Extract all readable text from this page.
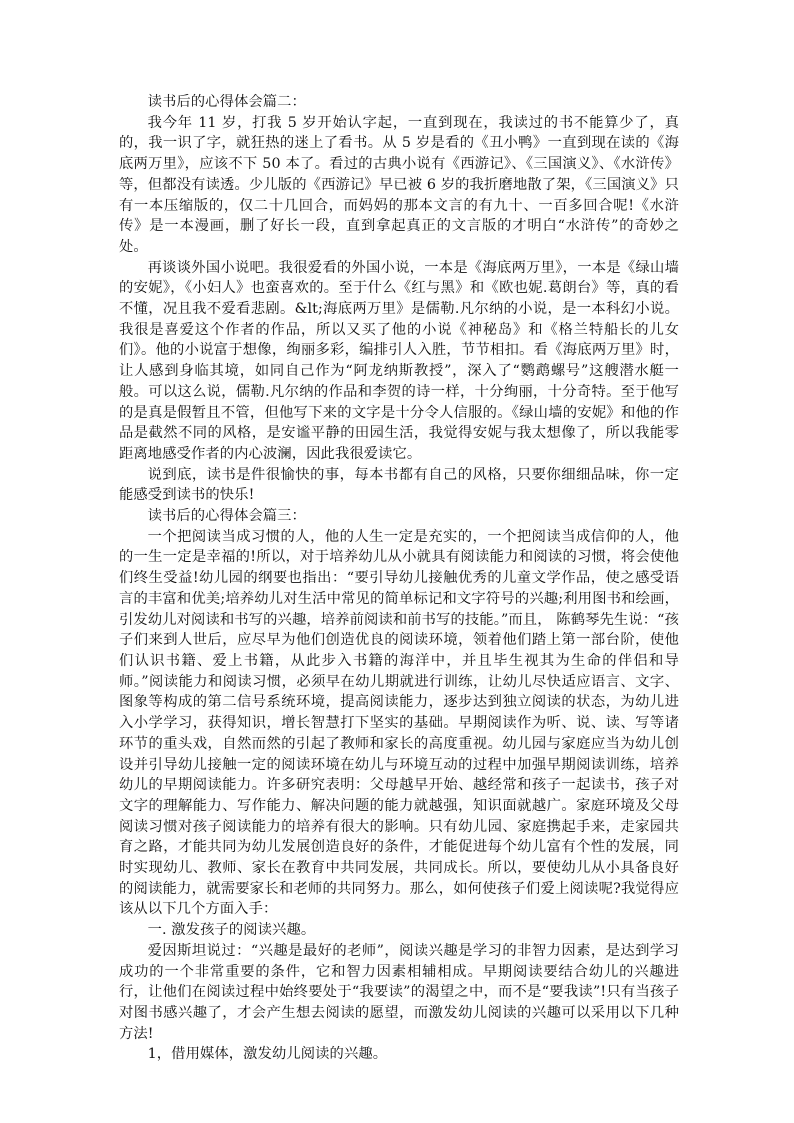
读书后的心得体会篇二：

我今年 11 岁，打我 5 岁开始认字起，一直到现在，我读过的书不能算少了，真的，我一识了字，就狂热的迷上了看书。从 5 岁是看的《丑小鸭》一直到现在读的《海底两万里》，应该不下 50 本了。看过的古典小说有《西游记》、《三国演义》、《水浒传》等，但都没有读透。少儿版的《西游记》早已被 6 岁的我折磨地散了架，《三国演义》只有一本压缩版的，仅二十几回合，而妈妈的那本文言的有九十、一百多回合呢!《水浒传》是一本漫画，删了好长一段，直到拿起真正的文言版的才明白“水浒传”的奇妙之处。

再谈谈外国小说吧。我很爱看的外国小说，一本是《海底两万里》，一本是《绿山墙的安妮》，《小妇人》也蛮喜欢的。至于什么《红与黑》和《欧也妮.葛朗台》等，真的看不懂，况且我不爱看悲剧。&lt;海底两万里》是儒勒.凡尔纳的小说，是一本科幻小说。我很是喜爱这个作者的作品，所以又买了他的小说《神秘岛》和《格兰特船长的儿女们》。他的小说富于想像，绚丽多彩，编排引人入胜，节节相扣。看《海底两万里》时，让人感到身临其境，如同自己作为“阿龙纳斯教授”，深入了“鹦鹉螺号”这艘潜水艇一般。可以这么说，儒勒.凡尔纳的作品和李贺的诗一样，十分绚丽，十分奇特。至于他写的是真是假暂且不管，但他写下来的文字是十分令人信服的。《绿山墙的安妮》和他的作品是截然不同的风格，是安谧平静的田园生活，我觉得安妮与我太想像了，所以我能零距离地感受作者的内心波澜，因此我很爱读它。

说到底，读书是件很愉快的事，每本书都有自己的风格，只要你细细品味，你一定能感受到读书的快乐!

读书后的心得体会篇三：

一个把阅读当成习惯的人，他的人生一定是充实的，一个把阅读当成信仰的人，他的一生一定是幸福的!所以，对于培养幼儿从小就具有阅读能力和阅读的习惯，将会使他们终生受益!幼儿园的纲要也指出：“要引导幼儿接触优秀的儿童文学作品，使之感受语言的丰富和优美;培养幼儿对生活中常见的简单标记和文字符号的兴趣;利用图书和绘画，引发幼儿对阅读和书写的兴趣，培养前阅读和前书写的技能。”而且， 陈鹤琴先生说：“孩子们来到人世后，应尽早为他们创造优良的阅读环境，领着他们踏上第一部台阶，使他们认识书籍、爱上书籍，从此步入书籍的海洋中，并且毕生视其为生命的伴侣和导师。”阅读能力和阅读习惯，必须早在幼儿期就进行训练，让幼儿尽快适应语言、文字、图象等构成的第二信号系统环境，提高阅读能力，逐步达到独立阅读的状态，为幼儿进入小学学习，获得知识，增长智慧打下坚实的基础。早期阅读作为听、说、读、写等诸环节的重头戏，自然而然的引起了教师和家长的高度重视。幼儿园与家庭应当为幼儿创设并引导幼儿接触一定的阅读环境在幼儿与环境互动的过程中加强早期阅读训练，培养幼儿的早期阅读能力。许多研究表明：父母越早开始、越经常和孩子一起读书，孩子对文字的理解能力、写作能力、解决问题的能力就越强，知识面就越广。家庭环境及父母阅读习惯对孩子阅读能力的培养有很大的影响。只有幼儿园、家庭携起手来，走家园共育之路，才能共同为幼儿发展创造良好的条件，才能促进每个幼儿富有个性的发展，同时实现幼儿、教师、家长在教育中共同发展，共同成长。所以，要使幼儿从小具备良好的阅读能力，就需要家长和老师的共同努力。那么，如何使孩子们爱上阅读呢?我觉得应该从以下几个方面入手：

一. 激发孩子的阅读兴趣。

爱因斯坦说过：“兴趣是最好的老师”，阅读兴趣是学习的非智力因素，是达到学习成功的一个非常重要的条件，它和智力因素相辅相成。早期阅读要结合幼儿的兴趣进行，让他们在阅读过程中始终要处于“我要读”的渴望之中，而不是“要我读”!只有当孩子对图书感兴趣了，才会产生想去阅读的愿望，而激发幼儿阅读的兴趣可以采用以下几种方法!

1，借用媒体，激发幼儿阅读的兴趣。
